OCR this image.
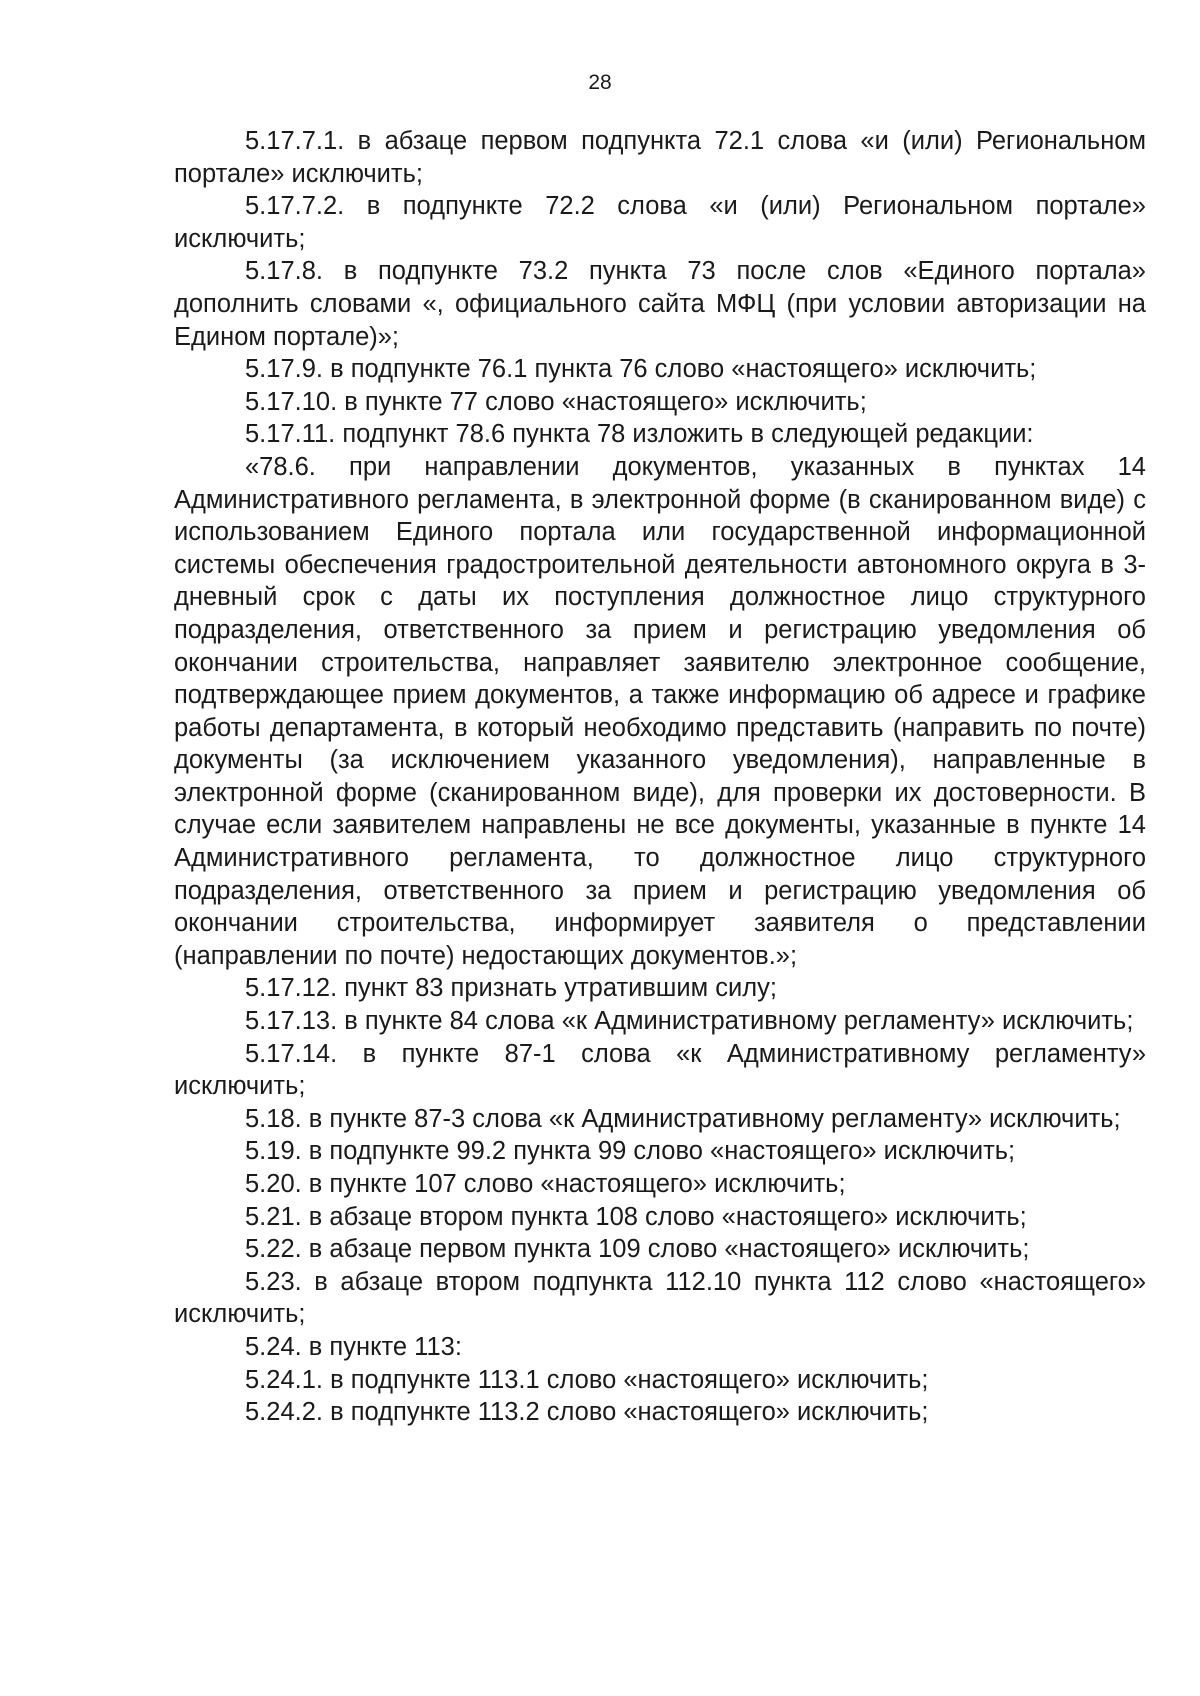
28

5.17.7.1. в абзаце первом подпункта 72.1 слова «и (или) Региональном портале» исключить;

5.17.7.2. в подпункте 72.2 слова «и (или) Региональном портале» исключить;

5.17.8. в подпункте 73.2 пункта 73 после слов «Единого портала» дополнить словами «, официального сайта МФЦ (при условии авторизации на Едином портале)»;

5.17.9. в подпункте 76.1 пункта 76 слово «настоящего» исключить;

5.17.10. в пункте 77 слово «настоящего» исключить;

5.17.11. подпункт 78.6 пункта 78 изложить в следующей редакции:

«78.6. при направлении документов, указанных в пунктах 14 Административного регламента, в электронной форме (в сканированном виде) с использованием Единого портала или государственной информационной системы обеспечения градостроительной деятельности автономного округа в 3-дневный срок с даты их поступления должностное лицо структурного подразделения, ответственного за прием и регистрацию уведомления об окончании строительства, направляет заявителю электронное сообщение, подтверждающее прием документов, а также информацию об адресе и графике работы департамента, в который необходимо представить (направить по почте) документы (за исключением указанного уведомления), направленные в электронной форме (сканированном виде), для проверки их достоверности. В случае если заявителем направлены не все документы, указанные в пункте 14 Административного регламента, то должностное лицо структурного подразделения, ответственного за прием и регистрацию уведомления об окончании строительства, информирует заявителя о представлении (направлении по почте) недостающих документов.»;

5.17.12. пункт 83 признать утратившим силу;

5.17.13. в пункте 84 слова «к Административному регламенту» исключить;

5.17.14. в пункте 87-1 слова «к Административному регламенту» исключить;

5.18. в пункте 87-3 слова «к Административному регламенту» исключить;

5.19. в подпункте 99.2 пункта 99 слово «настоящего» исключить;

5.20. в пункте 107 слово «настоящего» исключить;

5.21. в абзаце втором пункта 108 слово «настоящего» исключить;

5.22. в абзаце первом пункта 109 слово «настоящего» исключить;

5.23. в абзаце втором подпункта 112.10 пункта 112 слово «настоящего» исключить;

5.24. в пункте 113:

5.24.1. в подпункте 113.1 слово «настоящего» исключить;

5.24.2. в подпункте 113.2 слово «настоящего» исключить;
